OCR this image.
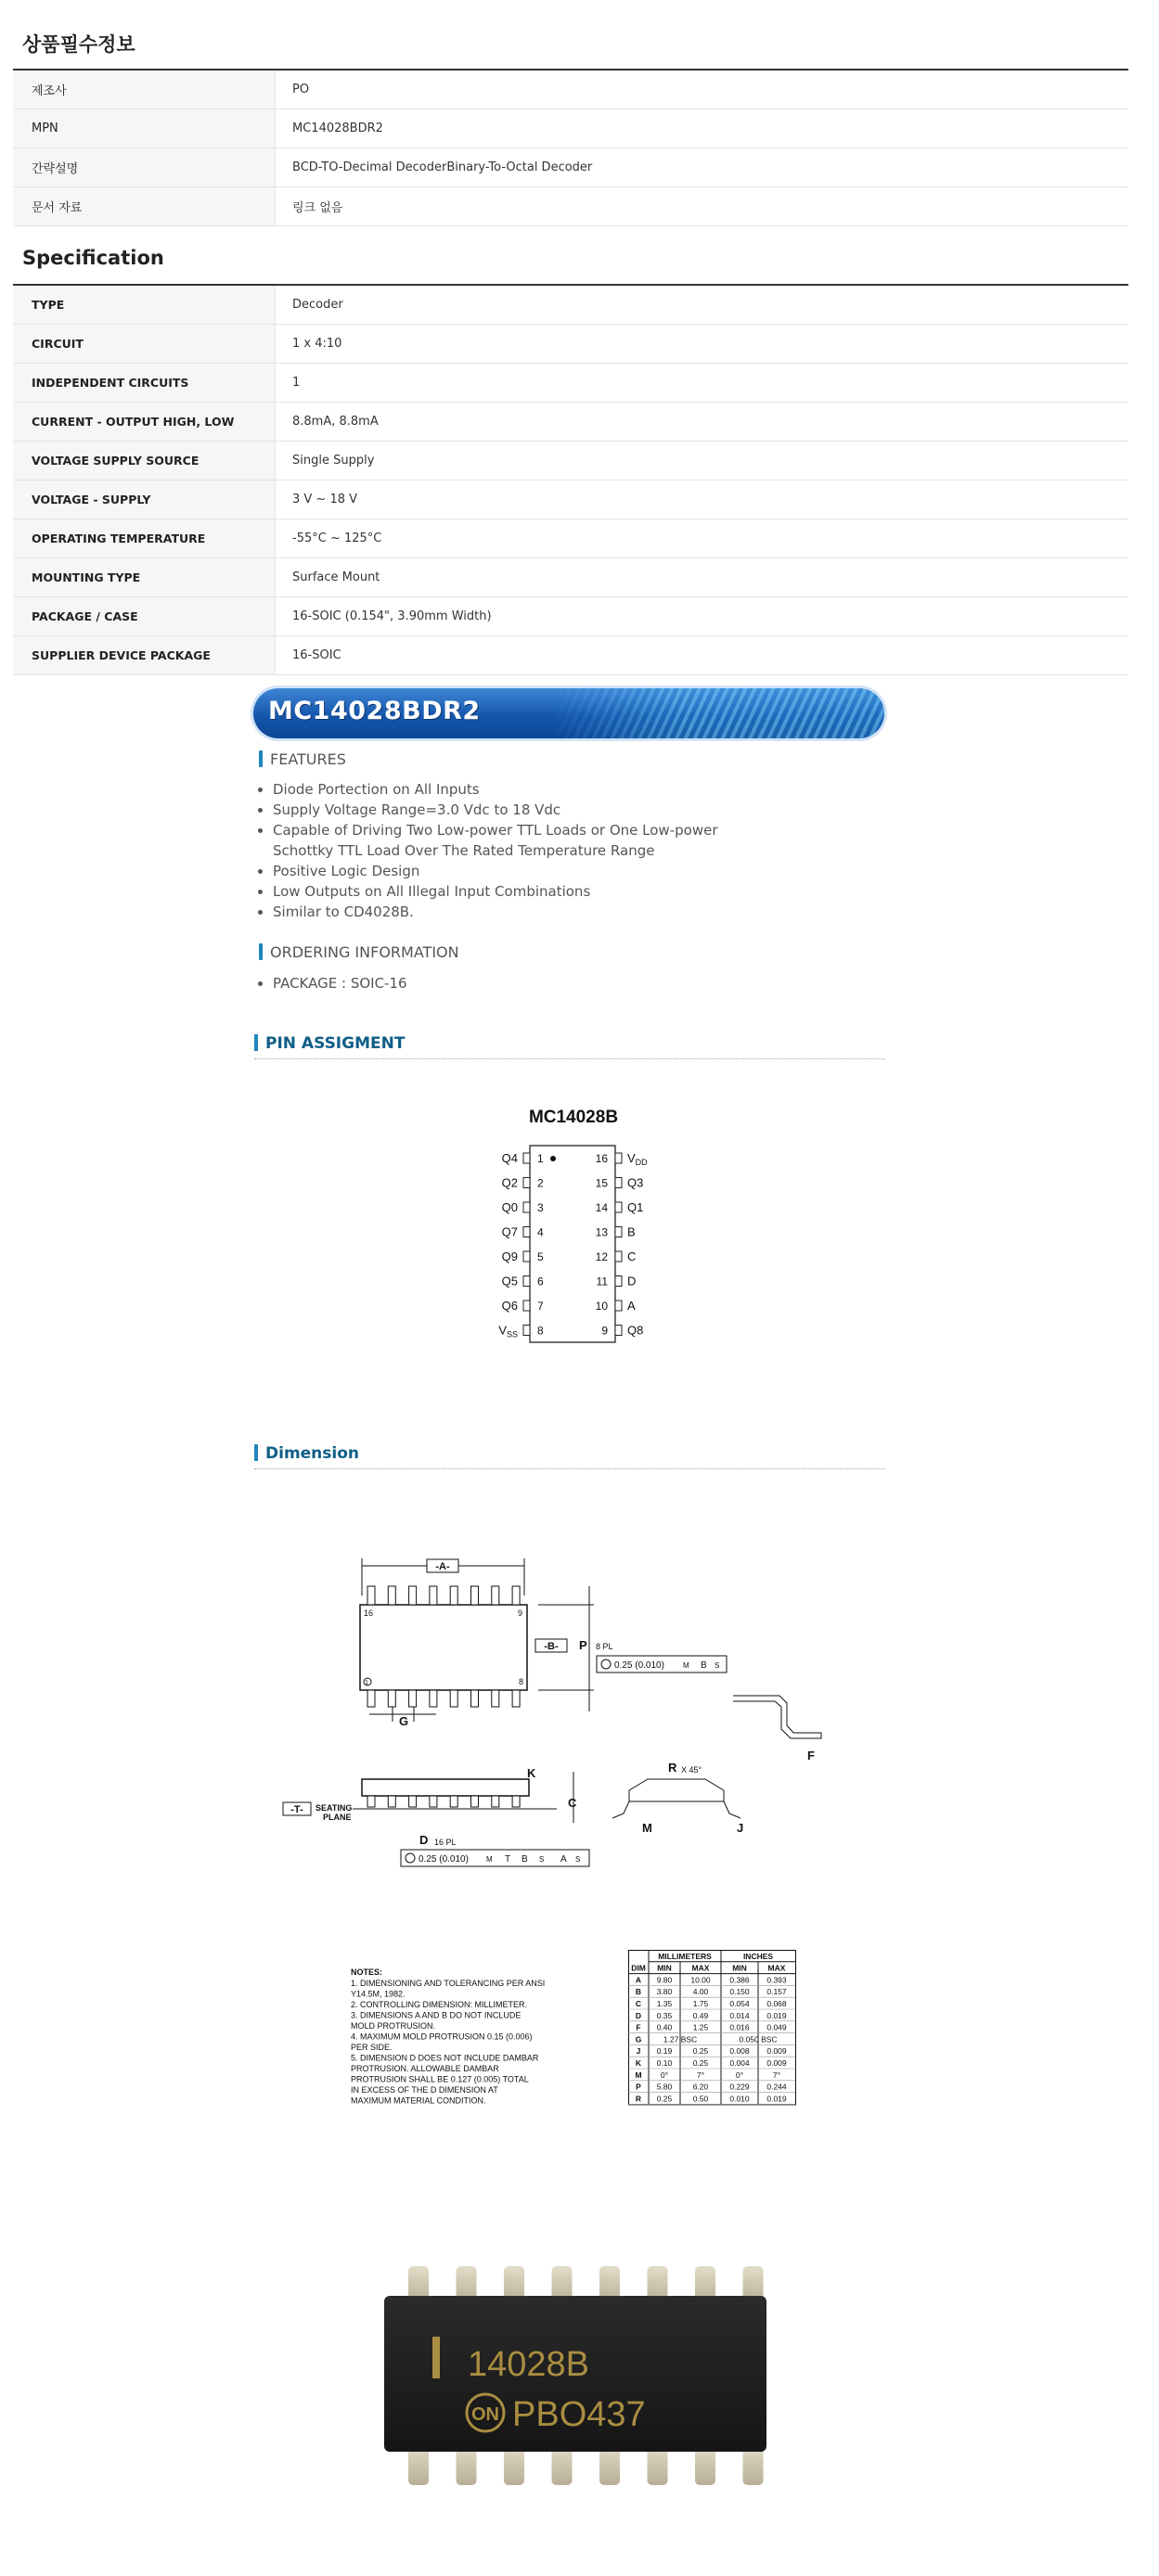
상품필수정보
제조사	PO
MPN	MC14028BDR2
간략설명	BCD-TO-Decimal DecoderBinary-To-Octal Decoder
문서 자료	링크 없음
Specification
TYPE	Decoder
CIRCUIT	1 x 4:10
INDEPENDENT CIRCUITS	1
CURRENT - OUTPUT HIGH, LOW	8.8mA, 8.8mA
VOLTAGE SUPPLY SOURCE	Single Supply
VOLTAGE - SUPPLY	3 V ~ 18 V
OPERATING TEMPERATURE	-55°C ~ 125°C
MOUNTING TYPE	Surface Mount
PACKAGE / CASE	16-SOIC (0.154", 3.90mm Width)
SUPPLIER DEVICE PACKAGE	16-SOIC
MC14028BDR2
FEATURES
• Diode Portection on All Inputs
• Supply Voltage Range=3.0 Vdc to 18 Vdc
• Capable of Driving Two Low-power TTL Loads or One Low-power Schottky TTL Load Over The Rated Temperature Range
• Positive Logic Design
• Low Outputs on All Illegal Input Combinations
• Similar to CD4028B.
ORDERING INFORMATION
• PACKAGE : SOIC-16
PIN ASSIGMENT
MC14028B
Q4 1
Q2 2
Q0 3
Q7 4
Q9 5
Q5 6
Q6 7
$V_{SS}$ 8
$V_{DD}$
16
Q3
15
Q1
14
B
13
C
12
D
11
A
10
Q8
9
Dimension
-A-
16	9
1	8
-B- P 8 PL
0.25 (0.010)	M B S
G
F
-T- SEATING
PLANE
K
C
D 16 PL
0.25 (0.010) M T B S A S
R X 45°
M	J
NOTES:
1. DIMENSIONING AND TOLERANCING PER ANSI
Y14.5M, 1982.
2. CONTROLLING DIMENSION: MILLIMETER.
3. DIMENSIONS A AND B DO NOT INCLUDE
MOLD PROTRUSION.
4. MAXIMUM MOLD PROTRUSION 0.15 (0.006)
PER SIDE.
5. DIMENSION D DOES NOT INCLUDE DAMBAR
PROTRUSION. ALLOWABLE DAMBAR
PROTRUSION SHALL BE 0.127 (0.005) TOTAL
IN EXCESS OF THE D DIMENSION AT
MAXIMUM MATERIAL CONDITION.
MILLIMETERS	INCHES
DIM MIN	MAX	MIN	MAX
A 9.80 10.00 0.386 0.393
B 3.80	4.00	0.150 0.157
C 1.35	1.75	0.054 0.068
D 0.35	0.49	0.014 0.019
F 0.40	1.25	0.016 0.049
G	1.27 BSC	0.050 BSC
J 0.19	0.25	0.008 0.009
K 0.10	0.25	0.004 0.009
M 0°	7°	0°	7°
P 5.80	6.20	0.229 0.244
R 0.25	0.50	0.010 0.019
14028B
ON PBO437
